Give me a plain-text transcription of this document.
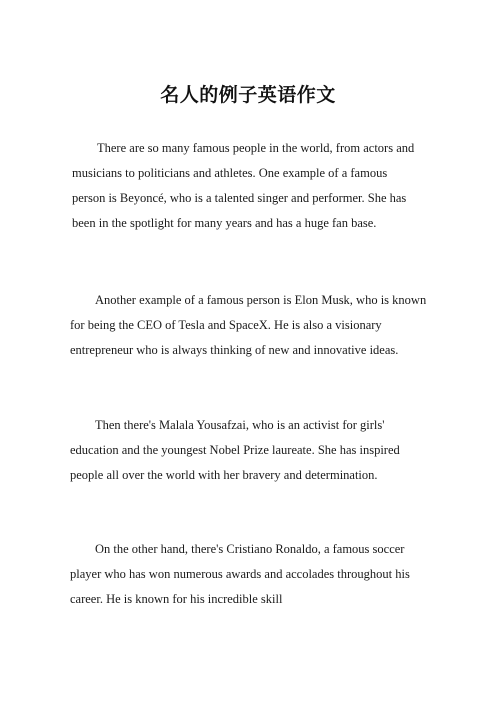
名人的例子英语作文

There are so many famous people in the world, from actors and musicians to politicians and athletes. One example of a famous person is Beyoncé, who is a talented singer and performer. She has been in the spotlight for many years and has a huge fan base.

Another example of a famous person is Elon Musk, who is known for being the CEO of Tesla and SpaceX. He is also a visionary entrepreneur who is always thinking of new and innovative ideas.

Then there's Malala Yousafzai, who is an activist for girls' education and the youngest Nobel Prize laureate. She has inspired people all over the world with her bravery and determination.

On the other hand, there's Cristiano Ronaldo, a famous soccer player who has won numerous awards and accolades throughout his career. He is known for his incredible skill
